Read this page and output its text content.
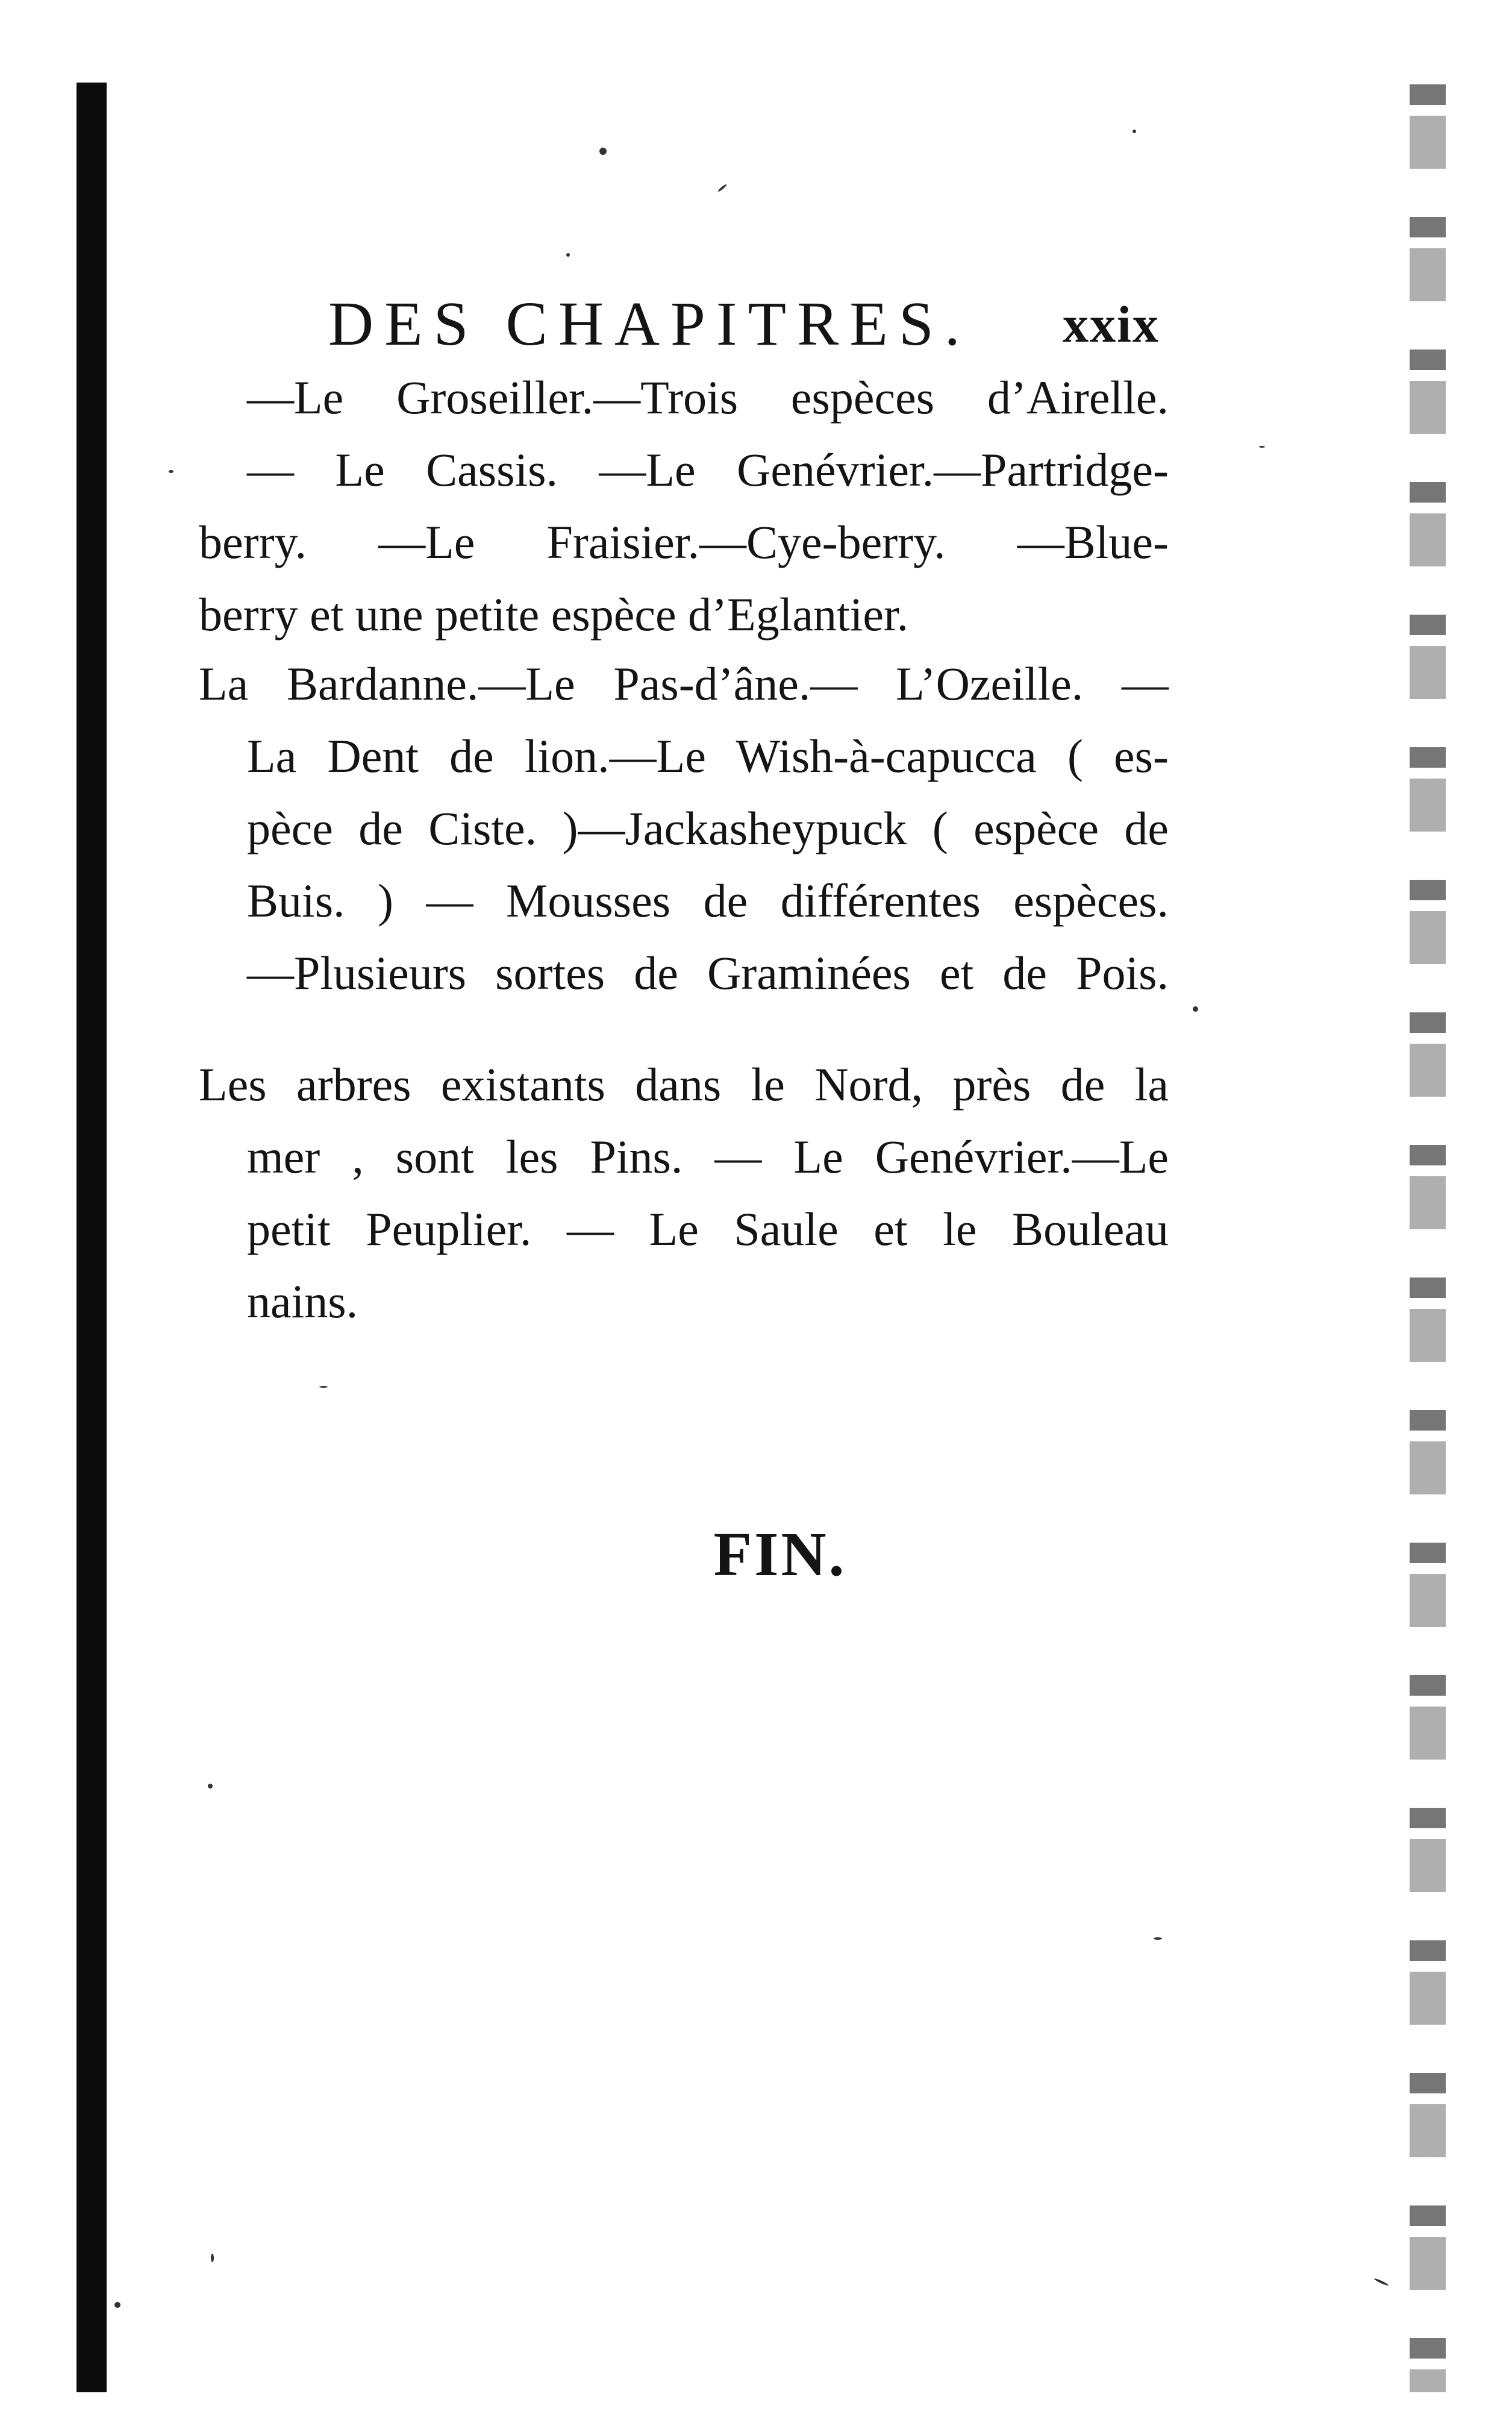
DES CHAPITRES. xxix
—Le Groseiller.—Trois espèces d’Airelle.
— Le Cassis. —Le Genévrier.—Partridge-
berry. —Le Fraisier.—Cye-berry. —Blue-
berry et une petite espèce d’Eglantier.
La Bardanne.—Le Pas-d’âne.— L’Ozeille. —
La Dent de lion.—Le Wish-à-capucca ( es-
pèce de Ciste. )—Jackasheypuck ( espèce de
Buis. ) — Mousses de différentes espèces.
—Plusieurs sortes de Graminées et de Pois.
Les arbres existants dans le Nord, près de la
mer , sont les Pins. — Le Genévrier.—Le
petit Peuplier. — Le Saule et le Bouleau
nains.
FIN.
